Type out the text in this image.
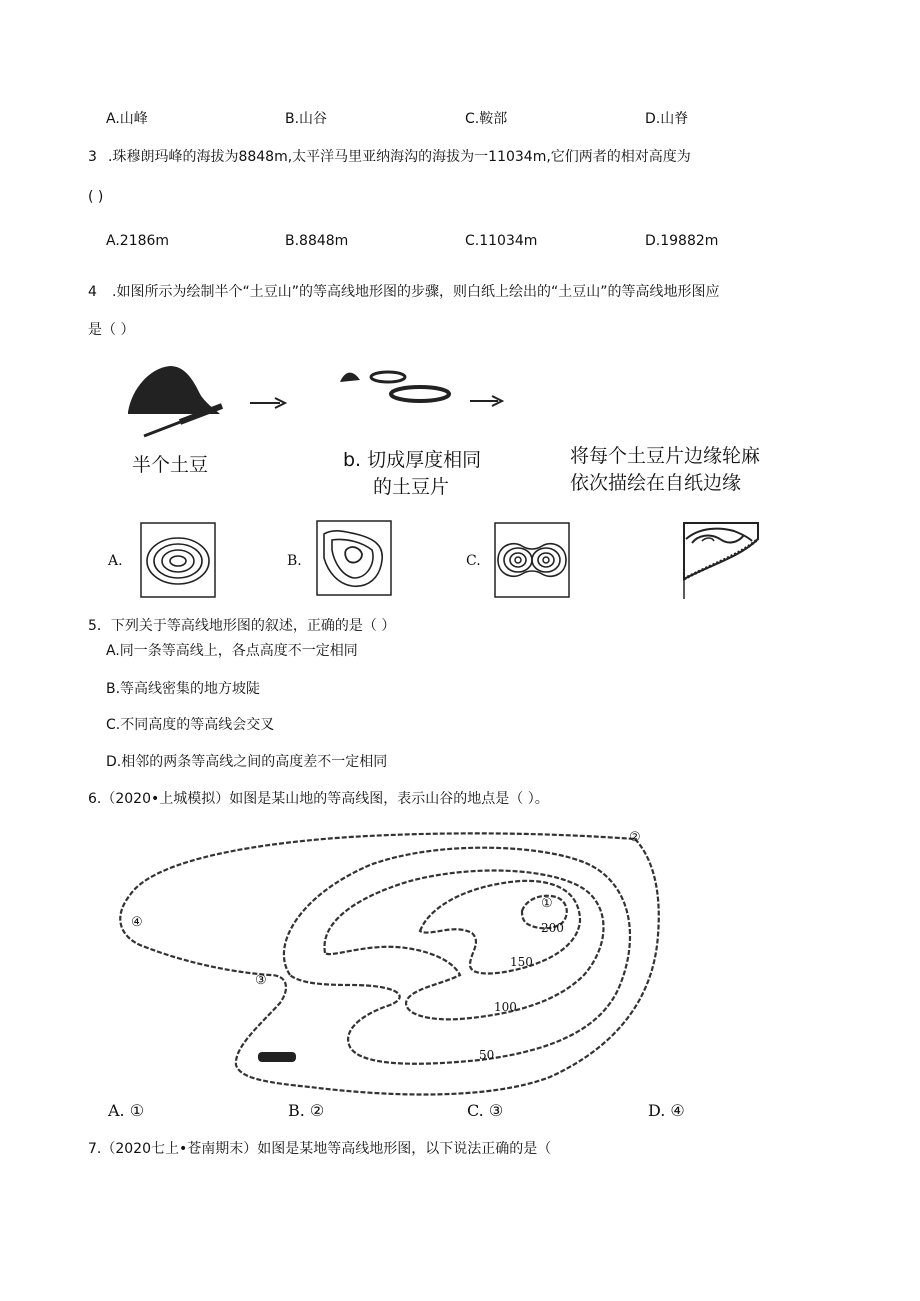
A.山峰	B.山谷	C.鞍部	D.山脊
3 .珠穆朗玛峰的海拔为8848m,太平洋马里亚纳海沟的海拔为一11034m,它们两者的相对高度为
( )
A.2186m	B.8848m	C.11034m	D.19882m
4 .如图所示为绘制半个“土豆山”的等高线地形图的步骤，则白纸上绘出的“土豆山”的等高线地形图应
是（ ）
半个土豆	b. 切成厚度相同
的土豆片
将每个土豆片边缘轮麻
依次描绘在自纸边缘
A.	B.	C.
5．下列关于等高线地形图的叙述，正确的是（ ）
A.同一条等高线上，各点高度不一定相同
B.等高线密集的地方坡陡
C.不同高度的等高线会交叉
D.相邻的两条等高线之间的高度差不一定相同
6.（2020•上城模拟）如图是某山地的等高线图，表示山谷的地点是（ ）。
200
150
100
50
①
②
③
④
A. ①	B. ②	C. ③	D. ④
7.（2020七上•苍南期末）如图是某地等高线地形图，以下说法正确的是（
